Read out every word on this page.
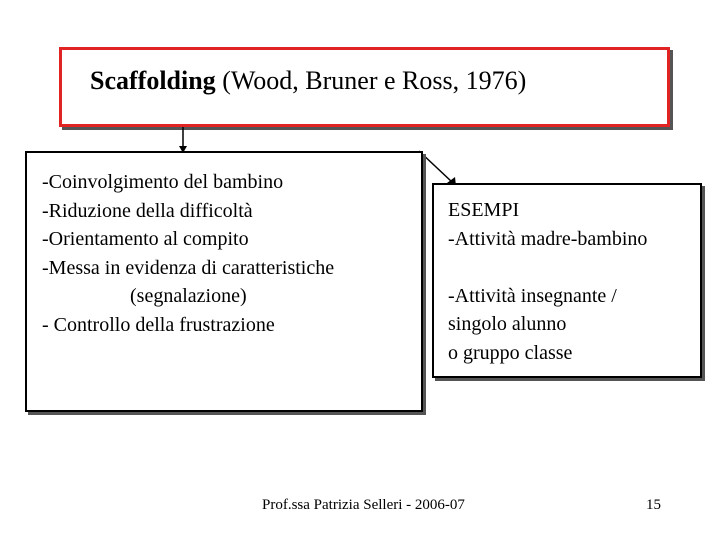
Scaffolding (Wood, Bruner e Ross, 1976)
-Coinvolgimento del bambino
-Riduzione della difficoltà
-Orientamento al compito
-Messa in evidenza di caratteristiche
(segnalazione)
- Controllo della frustrazione
ESEMPI
-Attività madre-bambino
-Attività insegnante /
singolo alunno
o gruppo classe
Prof.ssa Patrizia Selleri - 2006-07	15
